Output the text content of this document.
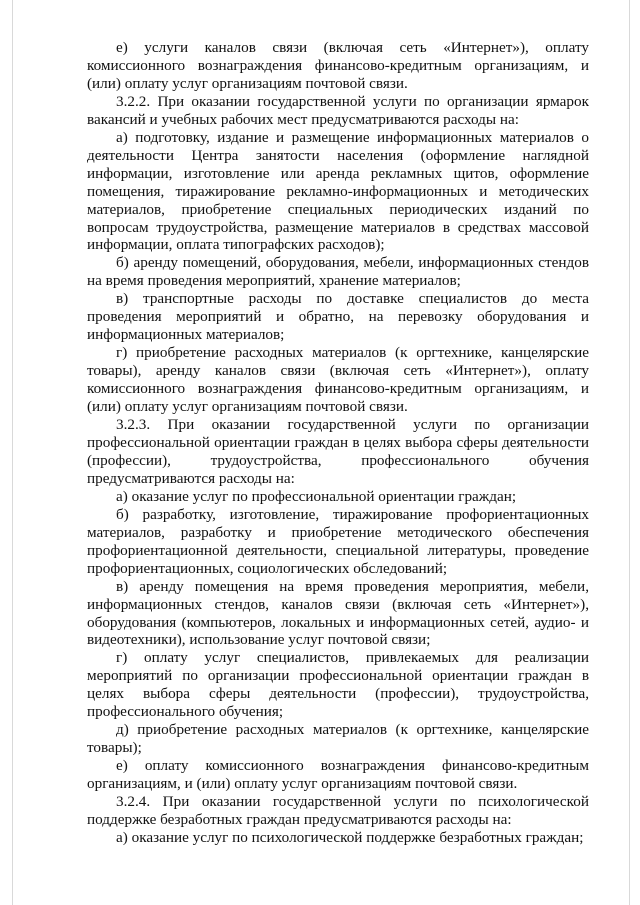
е) услуги каналов связи (включая сеть «Интернет»), оплату комиссионного вознаграждения финансово-кредитным организациям, и (или) оплату услуг организациям почтовой связи.

3.2.2. При оказании государственной услуги по организации ярмарок вакансий и учебных рабочих мест предусматриваются расходы на:

а) подготовку, издание и размещение информационных материалов о деятельности Центра занятости населения (оформление наглядной информации, изготовление или аренда рекламных щитов, оформление помещения, тиражирование рекламно-информационных и методических материалов, приобретение специальных периодических изданий по вопросам трудоустройства, размещение материалов в средствах массовой информации, оплата типографских расходов);

б) аренду помещений, оборудования, мебели, информационных стендов на время проведения мероприятий, хранение материалов;

в) транспортные расходы по доставке специалистов до места проведения мероприятий и обратно, на перевозку оборудования и информационных материалов;

г) приобретение расходных материалов (к оргтехнике, канцелярские товары), аренду каналов связи (включая сеть «Интернет»), оплату комиссионного вознаграждения финансово-кредитным организациям, и (или) оплату услуг организациям почтовой связи.

3.2.3. При оказании государственной услуги по организации профессиональной ориентации граждан в целях выбора сферы деятельности (профессии), трудоустройства, профессионального обучения предусматриваются расходы на:

а) оказание услуг по профессиональной ориентации граждан;

б) разработку, изготовление, тиражирование профориентационных материалов, разработку и приобретение методического обеспечения профориентационной деятельности, специальной литературы, проведение профориентационных, социологических обследований;

в) аренду помещения на время проведения мероприятия, мебели, информационных стендов, каналов связи (включая сеть «Интернет»), оборудования (компьютеров, локальных и информационных сетей, аудио- и видеотехники), использование услуг почтовой связи;

г) оплату услуг специалистов, привлекаемых для реализации мероприятий по организации профессиональной ориентации граждан в целях выбора сферы деятельности (профессии), трудоустройства, профессионального обучения;

д) приобретение расходных материалов (к оргтехнике, канцелярские товары);

е) оплату комиссионного вознаграждения финансово-кредитным организациям, и (или) оплату услуг организациям почтовой связи.

3.2.4. При оказании государственной услуги по психологической поддержке безработных граждан предусматриваются расходы на:

а) оказание услуг по психологической поддержке безработных граждан;
